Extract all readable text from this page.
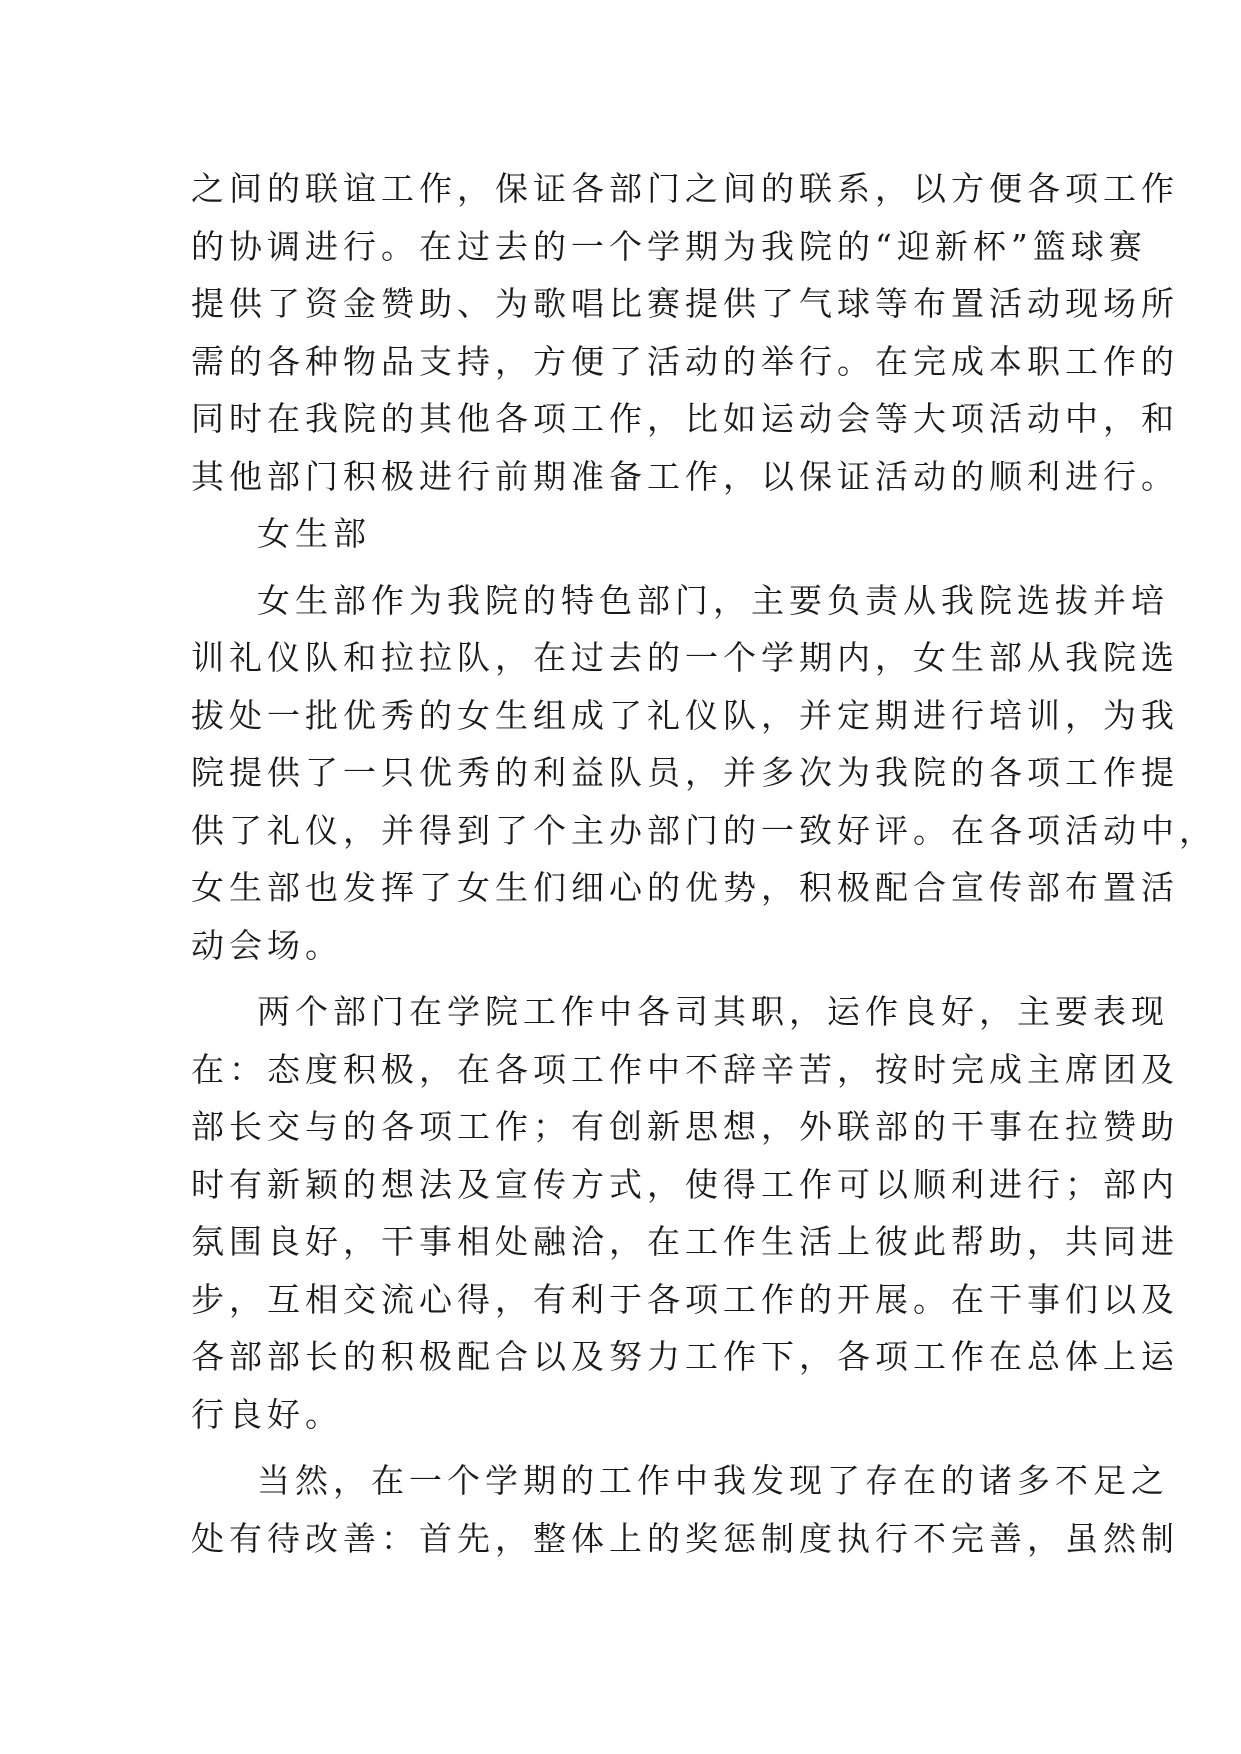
之间的联谊工作，保证各部门之间的联系，以方便各项工作
的协调进行。在过去的一个学期为我院的“迎新杯”篮球赛
提供了资金赞助、为歌唱比赛提供了气球等布置活动现场所
需的各种物品支持，方便了活动的举行。在完成本职工作的
同时在我院的其他各项工作，比如运动会等大项活动中，和
其他部门积极进行前期准备工作，以保证活动的顺利进行。
女生部
女生部作为我院的特色部门，主要负责从我院选拔并培
训礼仪队和拉拉队，在过去的一个学期内，女生部从我院选
拔处一批优秀的女生组成了礼仪队，并定期进行培训，为我
院提供了一只优秀的利益队员，并多次为我院的各项工作提
供了礼仪，并得到了个主办部门的一致好评。在各项活动中，
女生部也发挥了女生们细心的优势，积极配合宣传部布置活
动会场。
两个部门在学院工作中各司其职，运作良好，主要表现
在：态度积极，在各项工作中不辞辛苦，按时完成主席团及
部长交与的各项工作；有创新思想，外联部的干事在拉赞助
时有新颖的想法及宣传方式，使得工作可以顺利进行；部内
氛围良好，干事相处融洽，在工作生活上彼此帮助，共同进
步，互相交流心得，有利于各项工作的开展。在干事们以及
各部部长的积极配合以及努力工作下，各项工作在总体上运
行良好。
当然，在一个学期的工作中我发现了存在的诸多不足之
处有待改善：首先，整体上的奖惩制度执行不完善，虽然制
